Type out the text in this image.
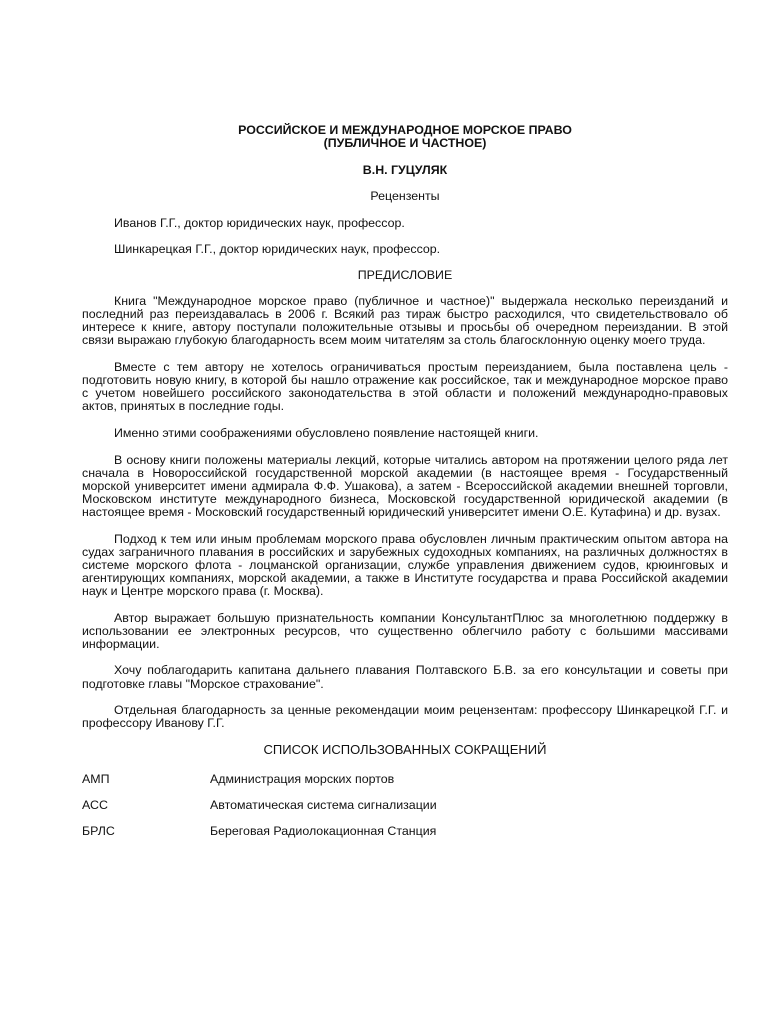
РОССИЙСКОЕ И МЕЖДУНАРОДНОЕ МОРСКОЕ ПРАВО
(ПУБЛИЧНОЕ И ЧАСТНОЕ)
В.Н. ГУЦУЛЯК
Рецензенты
Иванов Г.Г., доктор юридических наук, профессор.
Шинкарецкая Г.Г., доктор юридических наук, профессор.
ПРЕДИСЛОВИЕ

Книга "Международное морское право (публичное и частное)" выдержала несколько переизданий и последний раз переиздавалась в 2006 г. Всякий раз тираж быстро расходился, что свидетельствовало об интересе к книге, автору поступали положительные отзывы и просьбы об очередном переиздании. В этой связи выражаю глубокую благодарность всем моим читателям за столь благосклонную оценку моего труда.

Вместе с тем автору не хотелось ограничиваться простым переизданием, была поставлена цель - подготовить новую книгу, в которой бы нашло отражение как российское, так и международное морское право с учетом новейшего российского законодательства в этой области и положений международно-правовых актов, принятых в последние годы.

Именно этими соображениями обусловлено появление настоящей книги.

В основу книги положены материалы лекций, которые читались автором на протяжении целого ряда лет сначала в Новороссийской государственной морской академии (в настоящее время - Государственный морской университет имени адмирала Ф.Ф. Ушакова), а затем - Всероссийской академии внешней торговли, Московском институте международного бизнеса, Московской государственной юридической академии (в настоящее время - Московский государственный юридический университет имени О.Е. Кутафина) и др. вузах.

Подход к тем или иным проблемам морского права обусловлен личным практическим опытом автора на судах заграничного плавания в российских и зарубежных судоходных компаниях, на различных должностях в системе морского флота - лоцманской организации, службе управления движением судов, крюинговых и агентирующих компаниях, морской академии, а также в Институте государства и права Российской академии наук и Центре морского права (г. Москва).

Автор выражает большую признательность компании КонсультантПлюс за многолетнюю поддержку в использовании ее электронных ресурсов, что существенно облегчило работу с большими массивами информации.

Хочу поблагодарить капитана дальнего плавания Полтавского Б.В. за его консультации и советы при подготовке главы "Морское страхование".

Отдельная благодарность за ценные рекомендации моим рецензентам: профессору Шинкарецкой Г.Г. и профессору Иванову Г.Г.

СПИСОК ИСПОЛЬЗОВАННЫХ СОКРАЩЕНИЙ
АМП	Администрация морских портов
АСС	Автоматическая система сигнализации
БРЛС	Береговая Радиолокационная Станция
